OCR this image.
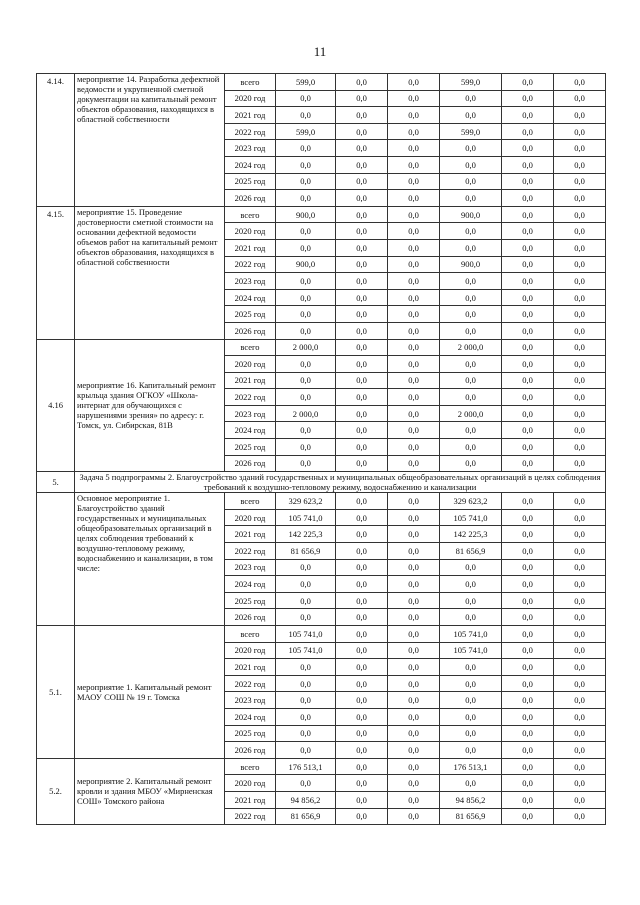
11
4.14.	мероприятие 14. Разработка дефектной ведомости и укрупненной сметной документации на капитальный ремонт объектов образования, находящихся в областной собственности	всего	599,0	0,0	0,0	599,0	0,0	0,0
		2020 год	0,0	0,0	0,0	0,0	0,0	0,0
		2021 год	0,0	0,0	0,0	0,0	0,0	0,0
		2022 год	599,0	0,0	0,0	599,0	0,0	0,0
		2023 год	0,0	0,0	0,0	0,0	0,0	0,0
		2024 год	0,0	0,0	0,0	0,0	0,0	0,0
		2025 год	0,0	0,0	0,0	0,0	0,0	0,0
		2026 год	0,0	0,0	0,0	0,0	0,0	0,0
4.15.	мероприятие 15. Проведение достоверности сметной стоимости на основании дефектной ведомости объемов работ на капитальный ремонт объектов образования, находящихся в областной собственности	всего	900,0	0,0	0,0	900,0	0,0	0,0
		2020 год	0,0	0,0	0,0	0,0	0,0	0,0
		2021 год	0,0	0,0	0,0	0,0	0,0	0,0
		2022 год	900,0	0,0	0,0	900,0	0,0	0,0
		2023 год	0,0	0,0	0,0	0,0	0,0	0,0
		2024 год	0,0	0,0	0,0	0,0	0,0	0,0
		2025 год	0,0	0,0	0,0	0,0	0,0	0,0
		2026 год	0,0	0,0	0,0	0,0	0,0	0,0
4.16	мероприятие 16. Капитальный ремонт крыльца здания ОГКОУ «Школа-интернат для обучающихся с нарушениями зрения» по адресу: г. Томск, ул. Сибирская, 81В	всего	2 000,0	0,0	0,0	2 000,0	0,0	0,0
		2020 год	0,0	0,0	0,0	0,0	0,0	0,0
		2021 год	0,0	0,0	0,0	0,0	0,0	0,0
		2022 год	0,0	0,0	0,0	0,0	0,0	0,0
		2023 год	2 000,0	0,0	0,0	2 000,0	0,0	0,0
		2024 год	0,0	0,0	0,0	0,0	0,0	0,0
		2025 год	0,0	0,0	0,0	0,0	0,0	0,0
		2026 год	0,0	0,0	0,0	0,0	0,0	0,0
5.	Задача 5 подпрограммы 2. Благоустройство зданий государственных и муниципальных общеобразовательных организаций в целях соблюдения требований к воздушно-тепловому режиму, водоснабжению и канализации							
	Основное мероприятие 1. Благоустройство зданий государственных и муниципальных общеобразовательных организаций в целях соблюдения требований к воздушно-тепловому режиму, водоснабжению и канализации, в том числе:	всего	329 623,2	0,0	0,0	329 623,2	0,0	0,0
		2020 год	105 741,0	0,0	0,0	105 741,0	0,0	0,0
		2021 год	142 225,3	0,0	0,0	142 225,3	0,0	0,0
		2022 год	81 656,9	0,0	0,0	81 656,9	0,0	0,0
		2023 год	0,0	0,0	0,0	0,0	0,0	0,0
		2024 год	0,0	0,0	0,0	0,0	0,0	0,0
		2025 год	0,0	0,0	0,0	0,0	0,0	0,0
		2026 год	0,0	0,0	0,0	0,0	0,0	0,0
5.1.	мероприятие 1. Капитальный ремонт МАОУ СОШ № 19 г. Томска	всего	105 741,0	0,0	0,0	105 741,0	0,0	0,0
		2020 год	105 741,0	0,0	0,0	105 741,0	0,0	0,0
		2021 год	0,0	0,0	0,0	0,0	0,0	0,0
		2022 год	0,0	0,0	0,0	0,0	0,0	0,0
		2023 год	0,0	0,0	0,0	0,0	0,0	0,0
		2024 год	0,0	0,0	0,0	0,0	0,0	0,0
		2025 год	0,0	0,0	0,0	0,0	0,0	0,0
		2026 год	0,0	0,0	0,0	0,0	0,0	0,0
5.2.	мероприятие 2. Капитальный ремонт кровли и здания МБОУ «Мирненская СОШ» Томского района	всего	176 513,1	0,0	0,0	176 513,1	0,0	0,0
		2020 год	0,0	0,0	0,0	0,0	0,0	0,0
		2021 год	94 856,2	0,0	0,0	94 856,2	0,0	0,0
		2022 год	81 656,9	0,0	0,0	81 656,9	0,0	0,0
